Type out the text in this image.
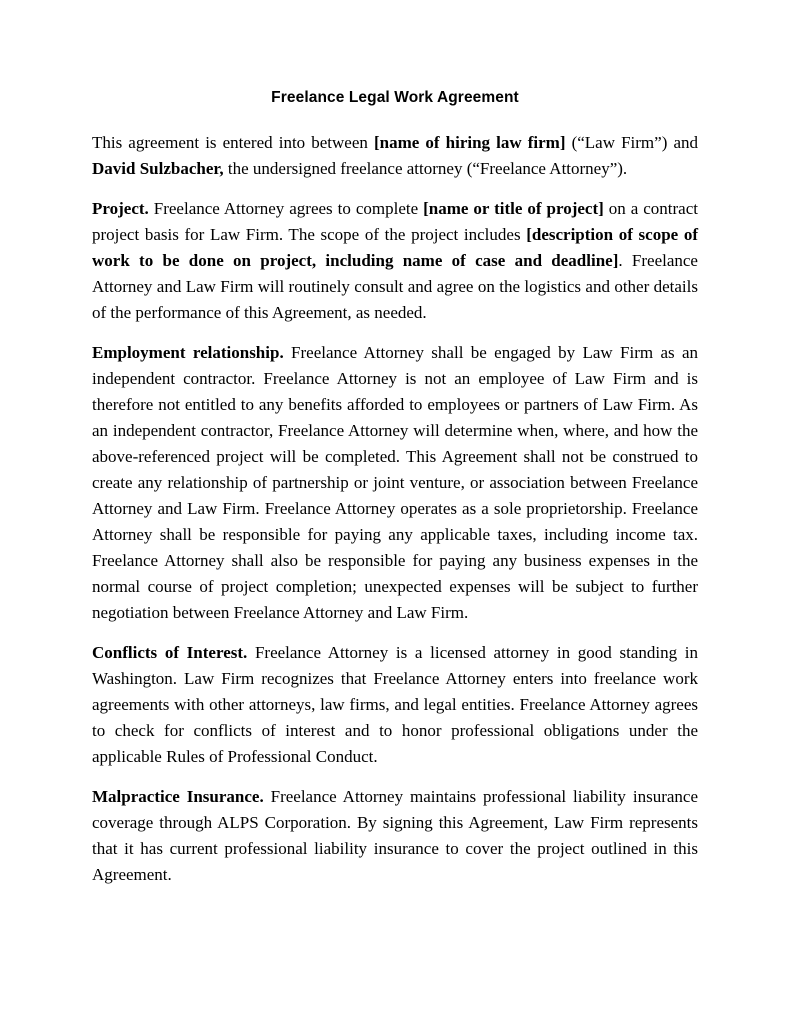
Freelance Legal Work Agreement

This agreement is entered into between [name of hiring law firm] (“Law Firm”) and David Sulzbacher, the undersigned freelance attorney (“Freelance Attorney”).

Project. Freelance Attorney agrees to complete [name or title of project] on a contract project basis for Law Firm. The scope of the project includes [description of scope of work to be done on project, including name of case and deadline]. Freelance Attorney and Law Firm will routinely consult and agree on the logistics and other details of the performance of this Agreement, as needed.

Employment relationship. Freelance Attorney shall be engaged by Law Firm as an independent contractor. Freelance Attorney is not an employee of Law Firm and is therefore not entitled to any benefits afforded to employees or partners of Law Firm. As an independent contractor, Freelance Attorney will determine when, where, and how the above-referenced project will be completed. This Agreement shall not be construed to create any relationship of partnership or joint venture, or association between Freelance Attorney and Law Firm. Freelance Attorney operates as a sole proprietorship. Freelance Attorney shall be responsible for paying any applicable taxes, including income tax. Freelance Attorney shall also be responsible for paying any business expenses in the normal course of project completion; unexpected expenses will be subject to further negotiation between Freelance Attorney and Law Firm.

Conflicts of Interest. Freelance Attorney is a licensed attorney in good standing in Washington. Law Firm recognizes that Freelance Attorney enters into freelance work agreements with other attorneys, law firms, and legal entities. Freelance Attorney agrees to check for conflicts of interest and to honor professional obligations under the applicable Rules of Professional Conduct.

Malpractice Insurance. Freelance Attorney maintains professional liability insurance coverage through ALPS Corporation. By signing this Agreement, Law Firm represents that it has current professional liability insurance to cover the project outlined in this Agreement.
